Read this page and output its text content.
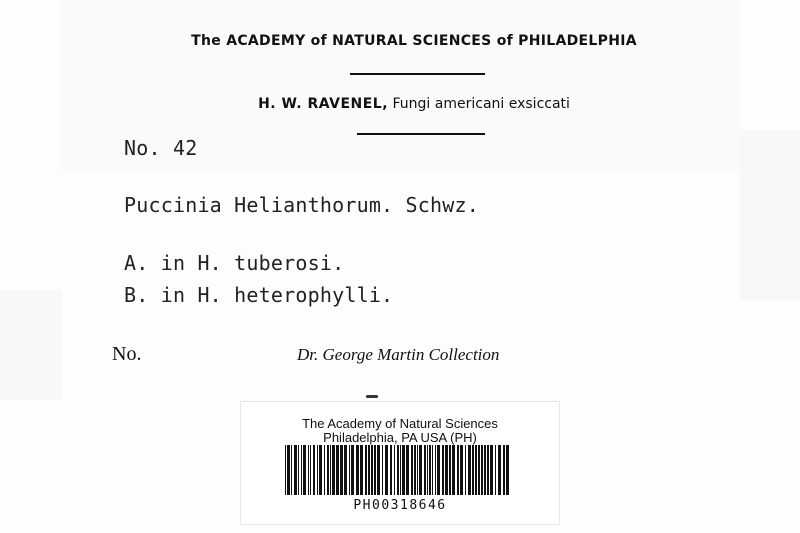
The ACADEMY of NATURAL SCIENCES of PHILADELPHIA
H. W. RAVENEL, Fungi americani exsiccati
No. 42
Puccinia Helianthorum. Schwz.
A. in H. tuberosi.
B. in H. heterophylli.
No.	Dr. George Martin Collection
The Academy of Natural Sciences
Philadelphia, PA USA (PH)
PH00318646
